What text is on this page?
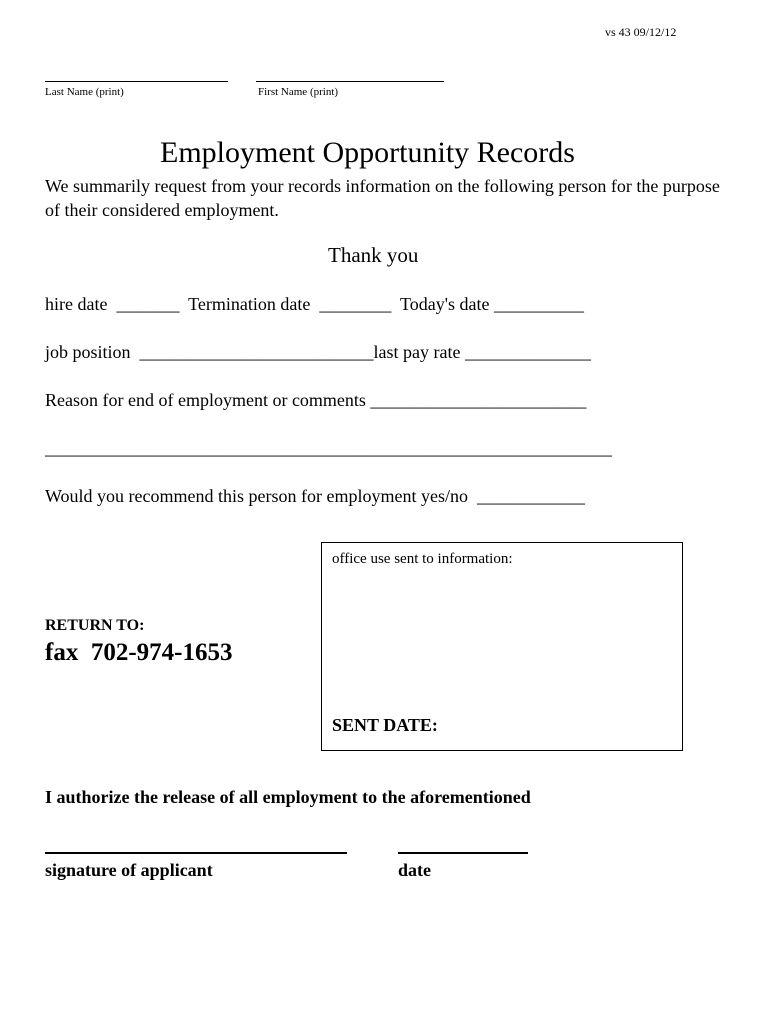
vs 43 09/12/12
Last Name (print)	First Name (print)
Employment Opportunity Records
We summarily request from your records information on the following person for the purpose of their considered employment.
Thank you
hire date  _______  Termination date  ________  Today's date __________
job position  __________________________last pay rate ______________
Reason for end of employment or comments ________________________
_______________________________________________________________
Would you recommend this person for employment yes/no  ____________
office use sent to information:
SENT DATE:
RETURN TO:
fax  702-974-1653
I authorize the release of all employment to the aforementioned
signature of applicant	date
